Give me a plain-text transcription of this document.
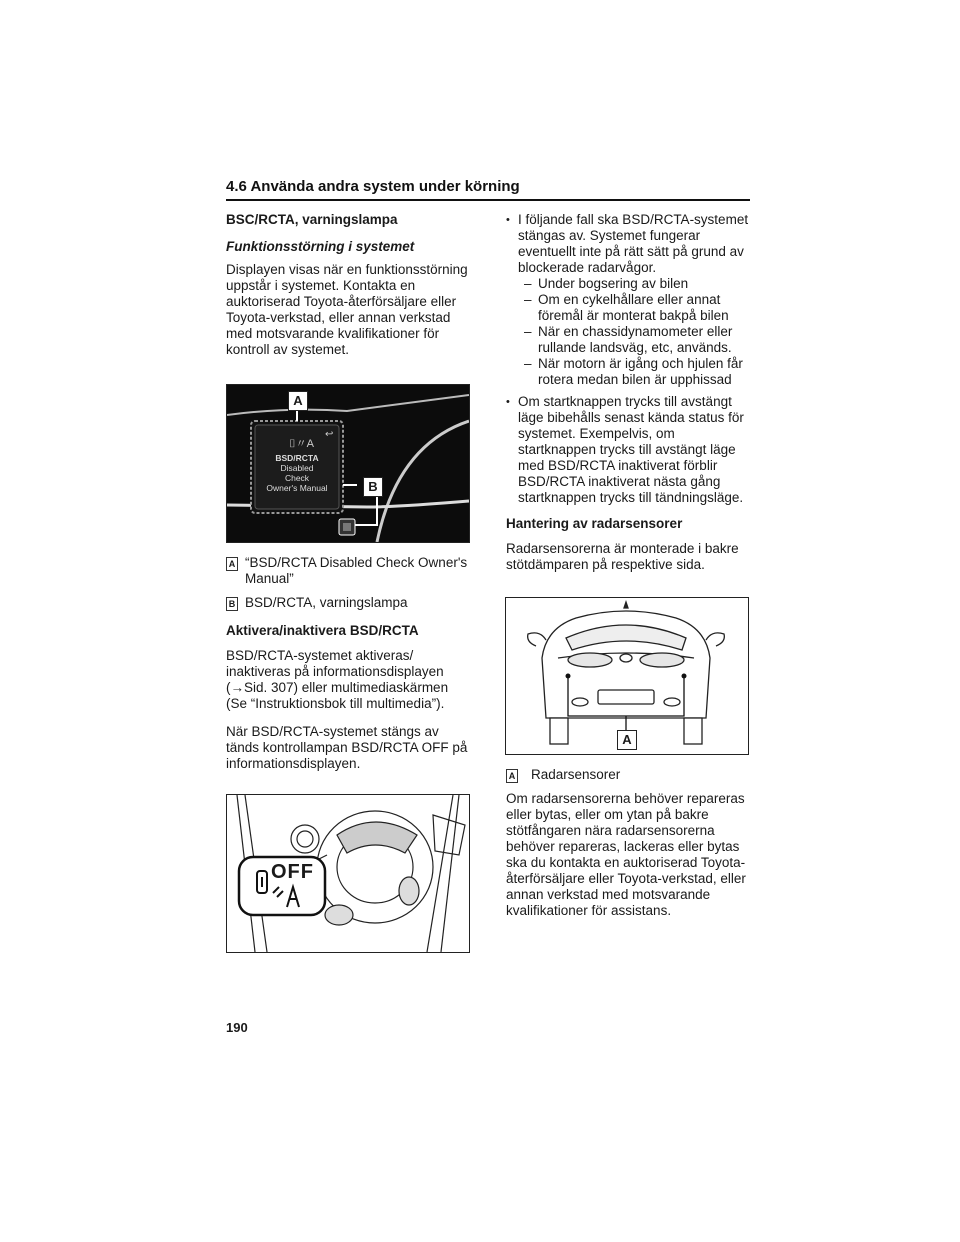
4.6 Använda andra system under körning
BSC/RCTA, varningslampa
Funktionsstörning i systemet

Displayen visas när en funktionsstörning uppstår i systemet. Kontakta en auktoriserad Toyota-återförsäljare eller Toyota-verkstad, eller annan verkstad med motsvarande kvalifikationer för kontroll av systemet.

⌷〃A
↩
BSD/RCTA
Disabled
Check
Owner's Manual
A
B
A “BSD/RCTA Disabled Check Owner's Manual”
B BSD/RCTA, varningslampa
Aktivera/inaktivera BSD/RCTA

BSD/RCTA-systemet aktiveras/ inaktiveras på informationsdisplayen (→Sid. 307) eller multimediaskärmen (Se “Instruktionsbok till multimedia”).

När BSD/RCTA-systemet stängs av tänds kontrollampan BSD/RCTA OFF på informationsdisplayen.

OFF
• I följande fall ska BSD/RCTA-systemet stängas av. Systemet fungerar eventuellt inte på rätt sätt på grund av blockerade radarvågor.
– Under bogsering av bilen
– Om en cykelhållare eller annat föremål är monterat bakpå bilen
– När en chassidynamometer eller rullande landsväg, etc, används.
– När motorn är igång och hjulen får rotera medan bilen är upphissad
• Om startknappen trycks till avstängt läge bibehålls senast kända status för systemet. Exempelvis, om startknappen trycks till avstängt läge med BSD/RCTA inaktiverat förblir BSD/RCTA inaktiverat nästa gång startknappen trycks till tändningsläge.
Hantering av radarsensorer

Radarsensorerna är monterade i bakre stötdämparen på respektive sida.

A
A Radarsensorer

Om radarsensorerna behöver repareras eller bytas, eller om ytan på bakre stötfångaren nära radarsensorerna behöver repareras, lackeras eller bytas ska du kontakta en auktoriserad Toyota-återförsäljare eller Toyota-verkstad, eller annan verkstad med motsvarande kvalifikationer för assistans.

190
